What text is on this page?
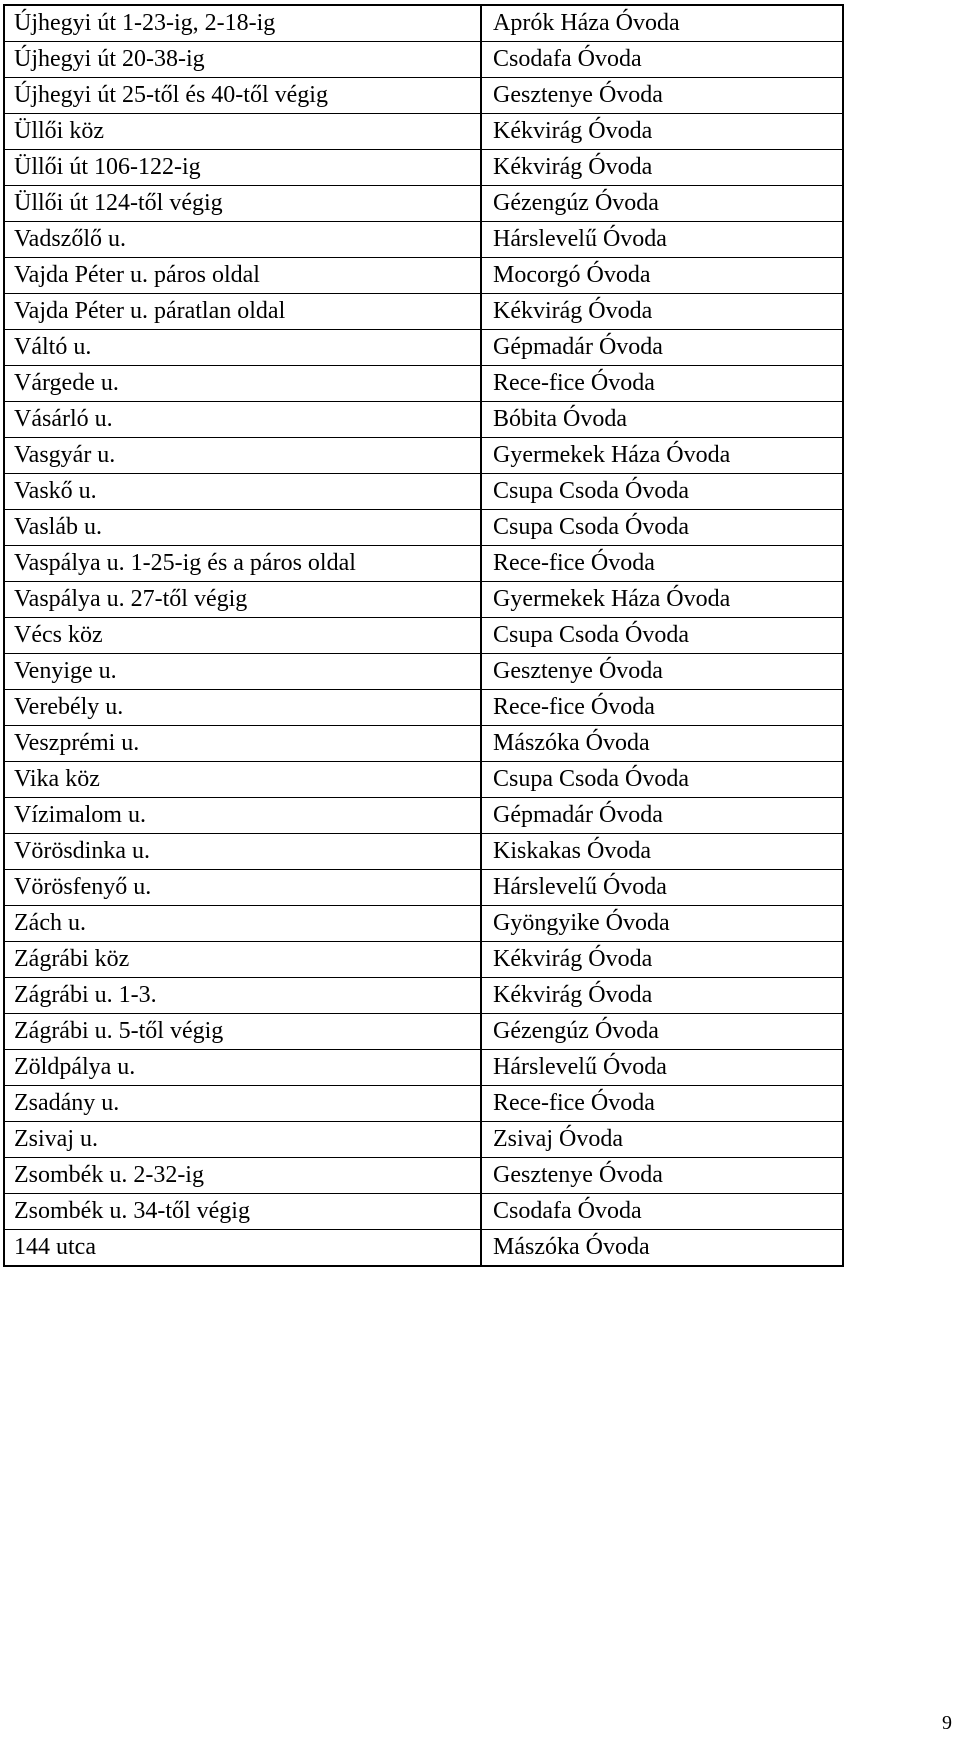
Újhegyi út 1-23-ig, 2-18-ig	Aprók Háza Óvoda
Újhegyi út 20-38-ig	Csodafa Óvoda
Újhegyi út 25-től és 40-től végig	Gesztenye Óvoda
Üllői köz	Kékvirág Óvoda
Üllői út 106-122-ig	Kékvirág Óvoda
Üllői út 124-től végig	Gézengúz Óvoda
Vadszőlő u.	Hárslevelű Óvoda
Vajda Péter u. páros oldal	Mocorgó Óvoda
Vajda Péter u. páratlan oldal	Kékvirág Óvoda
Váltó u.	Gépmadár Óvoda
Várgede u.	Rece-fice Óvoda
Vásárló u.	Bóbita Óvoda
Vasgyár u.	Gyermekek Háza Óvoda
Vaskő u.	Csupa Csoda Óvoda
Vasláb u.	Csupa Csoda Óvoda
Vaspálya u. 1-25-ig és a páros oldal	Rece-fice Óvoda
Vaspálya u. 27-től végig	Gyermekek Háza Óvoda
Vécs köz	Csupa Csoda Óvoda
Venyige u.	Gesztenye Óvoda
Verebély u.	Rece-fice Óvoda
Veszprémi u.	Mászóka Óvoda
Vika köz	Csupa Csoda Óvoda
Vízimalom u.	Gépmadár Óvoda
Vörösdinka u.	Kiskakas Óvoda
Vörösfenyő u.	Hárslevelű Óvoda
Zách u.	Gyöngyike Óvoda
Zágrábi köz	Kékvirág Óvoda
Zágrábi u. 1-3.	Kékvirág Óvoda
Zágrábi u. 5-től végig	Gézengúz Óvoda
Zöldpálya u.	Hárslevelű Óvoda
Zsadány u.	Rece-fice Óvoda
Zsivaj u.	Zsivaj Óvoda
Zsombék u. 2-32-ig	Gesztenye Óvoda
Zsombék u. 34-től végig	Csodafa Óvoda
144 utca	Mászóka Óvoda
9
